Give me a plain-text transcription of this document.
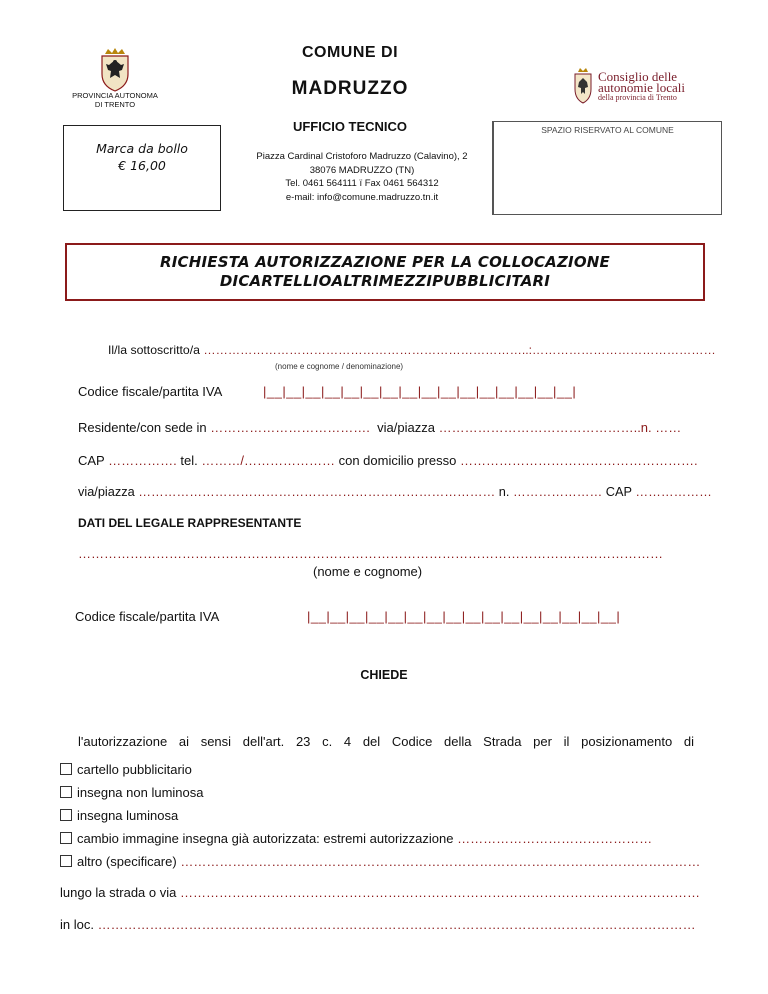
COMUNE DI
MADRUZZO
UFFICIO TECNICO
PROVINCIA AUTONOMA
DI TRENTO
Marca da bollo
€ 16,00
Piazza Cardinal Cristoforo Madruzzo (Calavino), 2
38076 MADRUZZO (TN)
Tel. 0461 564111 ï Fax 0461 564312
e-mail: info@comune.madruzzo.tn.it
Consiglio delle
autonomie locali
della provincia di Trento
SPAZIO RISERVATO AL COMUNE
RICHIESTA AUTORIZZAZIONE PER LA COLLOCAZIONE
DICARTELLIOALTRIMEZZIPUBBLICITARI
Il/la sottoscritto/a ……………………………………………………………………..:………………………………………
(nome e cognome / denominazione)
Codice fiscale/partita IVA	|__|__|__|__|__|__|__|__|__|__|__|__|__|__|__|__|
Residente/con sede in ………………………………. via/piazza ………………………………………..n. ……
CAP ……………. tel. ………/………………… con domicilio presso ……………………………………………….
via/piazza ………………………………………………………………………… n. ………………… CAP ………………
DATI DEL LEGALE RAPPRESENTANTE
………………………………………………………………………………………………………………………
(nome e cognome)
Codice fiscale/partita IVA	|__|__|__|__|__|__|__|__|__|__|__|__|__|__|__|__|
CHIEDE
l'autorizzazione ai sensi dell'art. 23 c. 4 del Codice della Strada per il posizionamento di
cartello pubblicitario
insegna non luminosa
insegna luminosa
cambio immagine insegna già autorizzata: estremi autorizzazione ………………………………………
altro (specificare) …………………………………………………………………………………………………………
lungo la strada o via …………………………………………………………………………………………………………
in loc. …………………………………………………………………………………………………………………………
